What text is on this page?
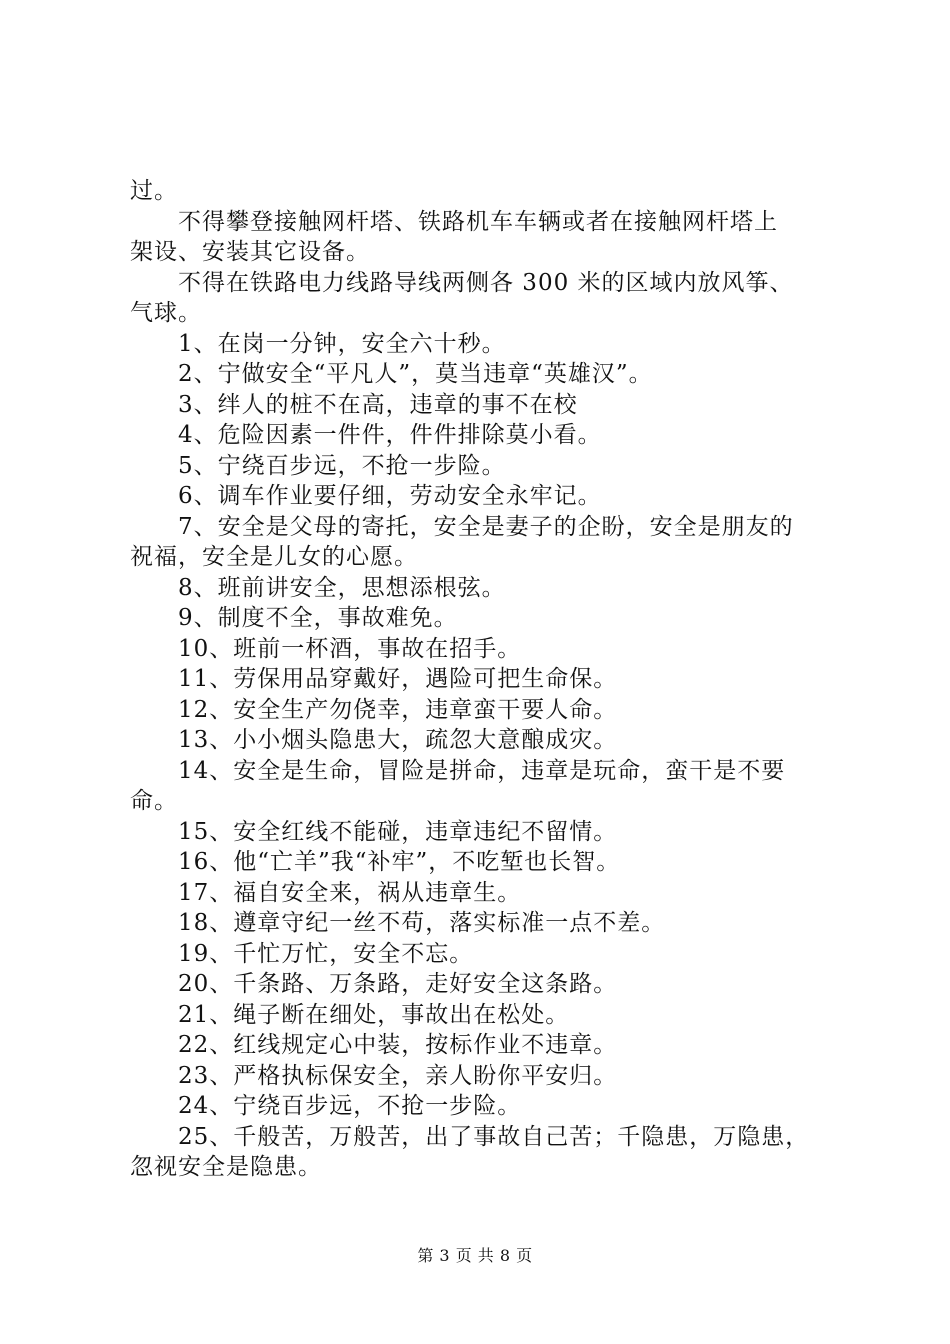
过。
不得攀登接触网杆塔、铁路机车车辆或者在接触网杆塔上
架设、安装其它设备。
不得在铁路电力线路导线两侧各 300 米的区域内放风筝、
气球。
1、在岗一分钟，安全六十秒。
2、宁做安全“平凡人”，莫当违章“英雄汉”。
3、绊人的桩不在高，违章的事不在校
4、危险因素一件件，件件排除莫小看。
5、宁绕百步远，不抢一步险。
6、调车作业要仔细，劳动安全永牢记。
7、安全是父母的寄托，安全是妻子的企盼，安全是朋友的
祝福，安全是儿女的心愿。
8、班前讲安全，思想添根弦。
9、制度不全，事故难免。
10、班前一杯酒，事故在招手。
11、劳保用品穿戴好，遇险可把生命保。
12、安全生产勿侥幸，违章蛮干要人命。
13、小小烟头隐患大，疏忽大意酿成灾。
14、安全是生命，冒险是拼命，违章是玩命，蛮干是不要
命。
15、安全红线不能碰，违章违纪不留情。
16、他“亡羊”我“补牢”，不吃堑也长智。
17、福自安全来，祸从违章生。
18、遵章守纪一丝不苟，落实标准一点不差。
19、千忙万忙，安全不忘。
20、千条路、万条路，走好安全这条路。
21、绳子断在细处，事故出在松处。
22、红线规定心中装，按标作业不违章。
23、严格执标保安全，亲人盼你平安归。
24、宁绕百步远，不抢一步险。
25、千般苦，万般苦，出了事故自己苦；千隐患，万隐患，
忽视安全是隐患。
第 3 页 共 8 页
